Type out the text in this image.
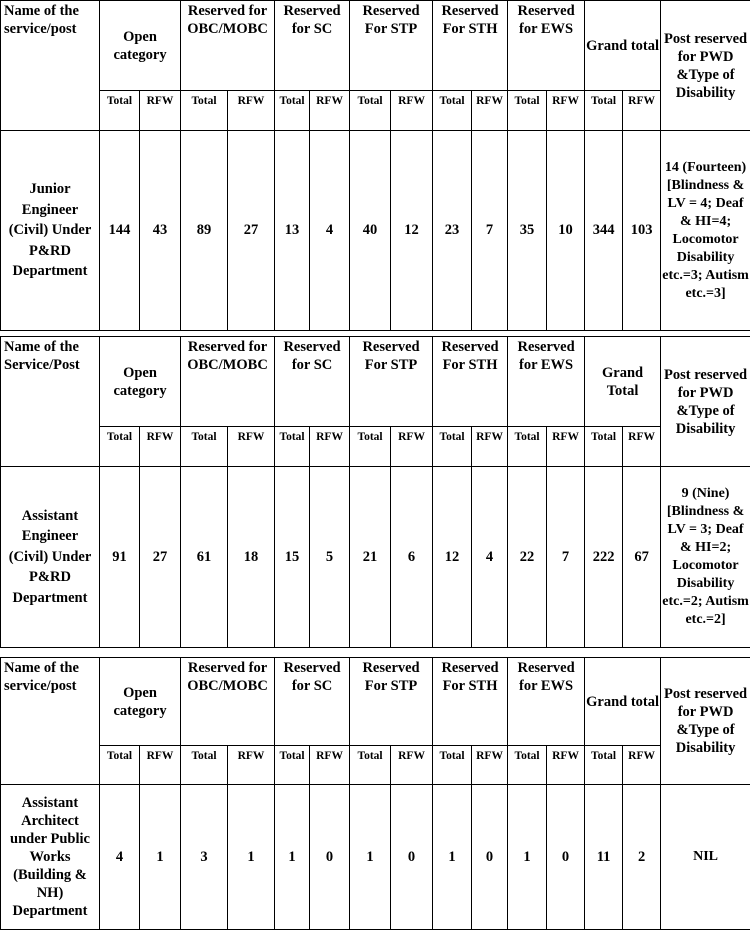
Name of the service/post	Open category		Reserved for OBC/MOBC		Reserved for SC		Reserved For STP		Reserved For STH		Reserved for EWS		Grand total		Post reserved for PWD &Type of Disability
	Total	RFW	Total	RFW	Total	RFW	Total	RFW	Total	RFW	Total	RFW	Total	RFW	
Junior Engineer (Civil) Under P&RD Department	144	43	89	27	13	4	40	12	23	7	35	10	344	103	14 (Fourteen) [Blindness & LV = 4; Deaf & HI=4; Locomotor Disability etc.=3; Autism etc.=3]
Name of the Service/Post	Open category		Reserved for OBC/MOBC		Reserved for SC		Reserved For STP		Reserved For STH		Reserved for EWS		Grand Total		Post reserved for PWD &Type of Disability
	Total	RFW	Total	RFW	Total	RFW	Total	RFW	Total	RFW	Total	RFW	Total	RFW	
Assistant Engineer (Civil) Under P&RD Department	91	27	61	18	15	5	21	6	12	4	22	7	222	67	9 (Nine) [Blindness & LV = 3; Deaf & HI=2; Locomotor Disability etc.=2; Autism etc.=2]
Name of the service/post	Open category		Reserved for OBC/MOBC		Reserved for SC		Reserved For STP		Reserved For STH		Reserved for EWS		Grand total		Post reserved for PWD &Type of Disability
	Total	RFW	Total	RFW	Total	RFW	Total	RFW	Total	RFW	Total	RFW	Total	RFW	
Assistant Architect under Public Works (Building & NH) Department	4	1	3	1	1	0	1	0	1	0	1	0	11	2	NIL
